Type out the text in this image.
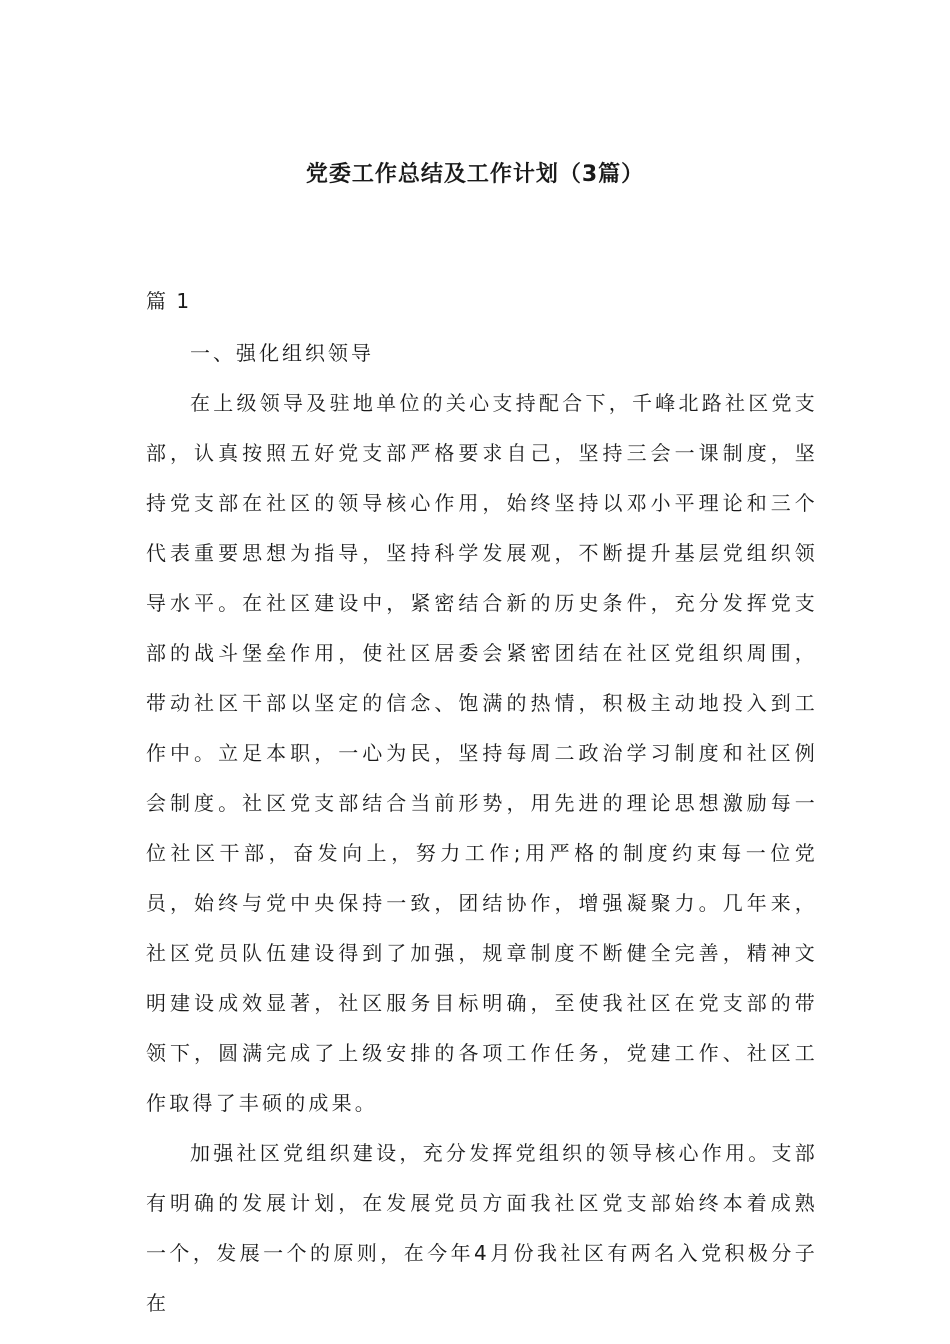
党委工作总结及工作计划（3篇）
篇 1

一、强化组织领导

在上级领导及驻地单位的关心支持配合下，千峰北路社区党支部，认真按照五好党支部严格要求自己，坚持三会一课制度，坚持党支部在社区的领导核心作用，始终坚持以邓小平理论和三个代表重要思想为指导，坚持科学发展观，不断提升基层党组织领导水平。在社区建设中，紧密结合新的历史条件，充分发挥党支部的战斗堡垒作用，使社区居委会紧密团结在社区党组织周围，带动社区干部以坚定的信念、饱满的热情，积极主动地投入到工作中。立足本职，一心为民，坚持每周二政治学习制度和社区例会制度。社区党支部结合当前形势，用先进的理论思想激励每一位社区干部，奋发向上，努力工作;用严格的制度约束每一位党员，始终与党中央保持一致，团结协作，增强凝聚力。几年来，社区党员队伍建设得到了加强，规章制度不断健全完善，精神文明建设成效显著，社区服务目标明确，至使我社区在党支部的带领下，圆满完成了上级安排的各项工作任务，党建工作、社区工作取得了丰硕的成果。

加强社区党组织建设，充分发挥党组织的领导核心作用。支部有明确的发展计划，在发展党员方面我社区党支部始终本着成熟一个，发展一个的原则，在今年4月份我社区有两名入党积极分子在
